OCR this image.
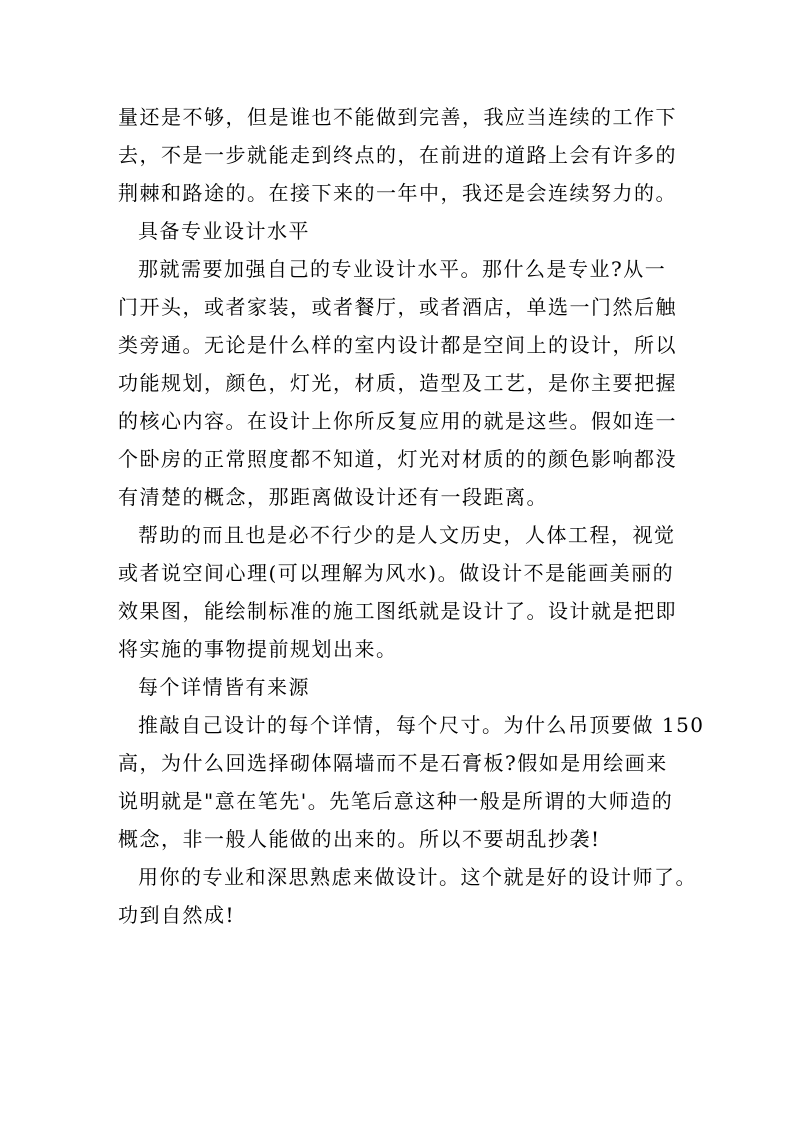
量还是不够，但是谁也不能做到完善，我应当连续的工作下
去，不是一步就能走到终点的，在前进的道路上会有许多的
荆棘和路途的。在接下来的一年中，我还是会连续努力的。
具备专业设计水平
那就需要加强自己的专业设计水平。那什么是专业?从一
门开头，或者家装，或者餐厅，或者酒店，单选一门然后触
类旁通。无论是什么样的室内设计都是空间上的设计，所以
功能规划，颜色，灯光，材质，造型及工艺，是你主要把握
的核心内容。在设计上你所反复应用的就是这些。假如连一
个卧房的正常照度都不知道，灯光对材质的的颜色影响都没
有清楚的概念，那距离做设计还有一段距离。
帮助的而且也是必不行少的是人文历史，人体工程，视觉
或者说空间心理(可以理解为风水)。做设计不是能画美丽的
效果图，能绘制标准的施工图纸就是设计了。设计就是把即
将实施的事物提前规划出来。
每个详情皆有来源
推敲自己设计的每个详情，每个尺寸。为什么吊顶要做 150
高，为什么回选择砌体隔墙而不是石膏板?假如是用绘画来
说明就是"意在笔先'。先笔后意这种一般是所谓的大师造的
概念，非一般人能做的出来的。所以不要胡乱抄袭!
用你的专业和深思熟虑来做设计。这个就是好的设计师了。
功到自然成!
